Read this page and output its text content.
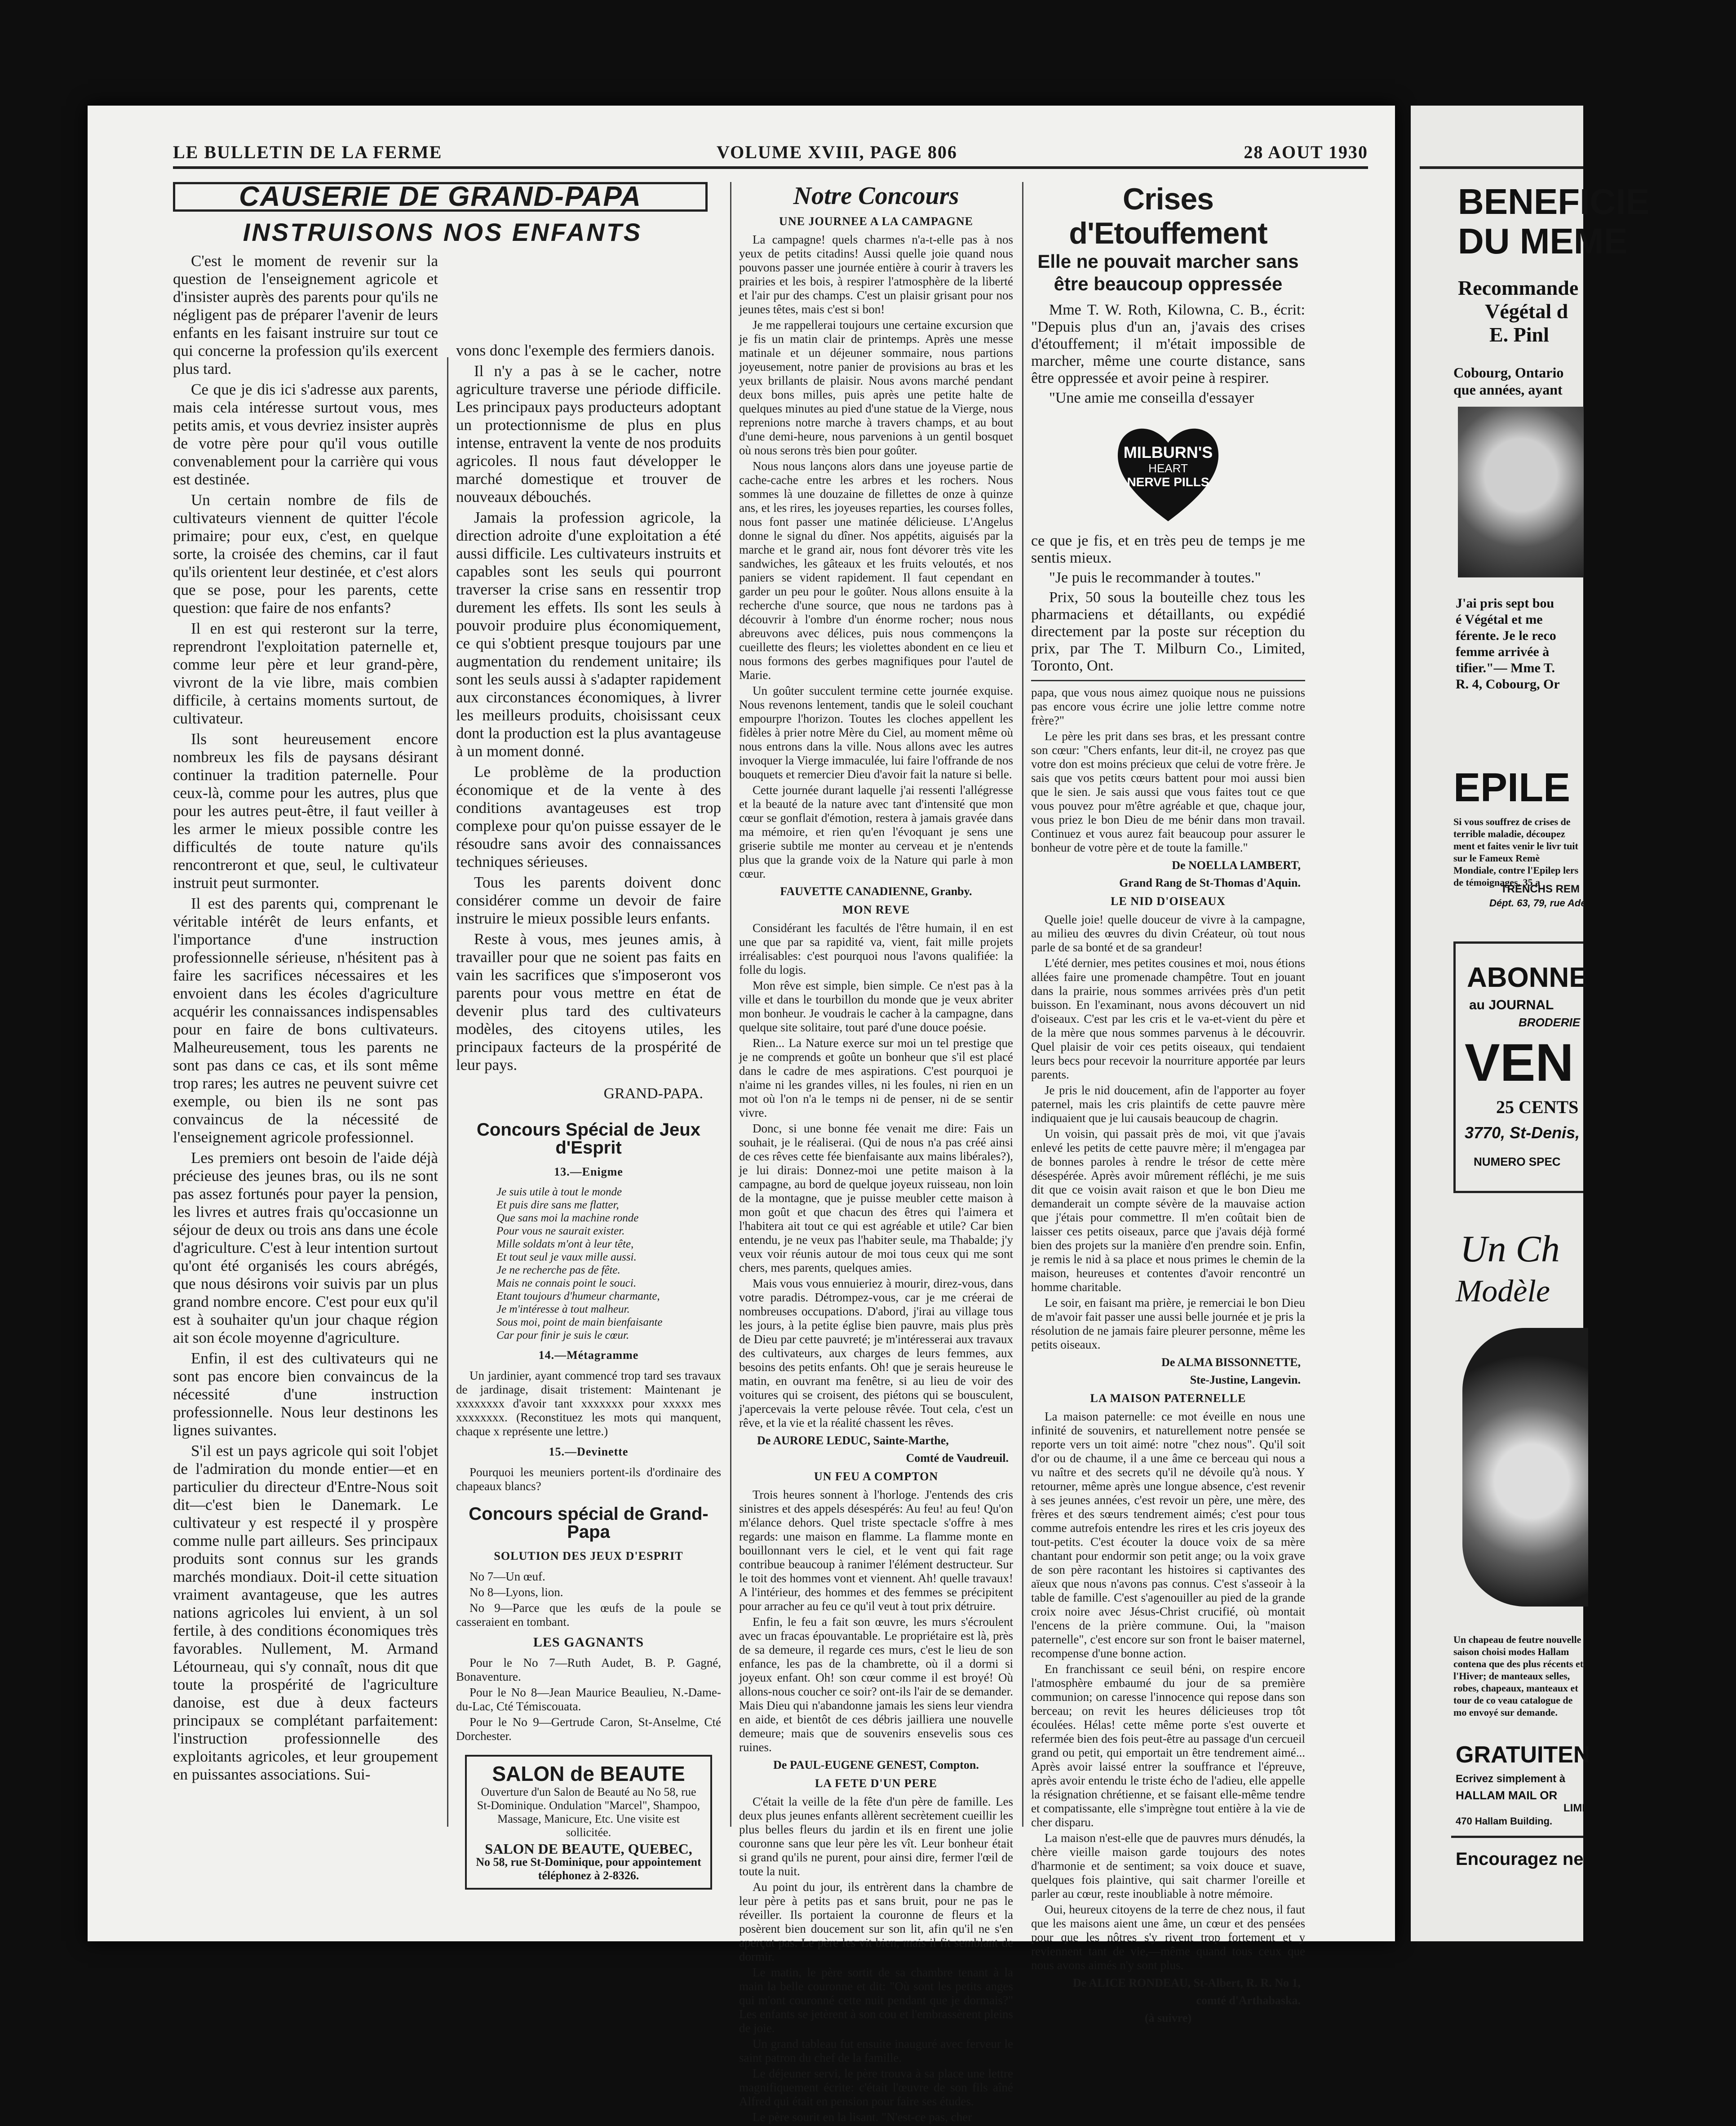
LE BULLETIN DE LA FERME	VOLUME XVIII, PAGE 806	28 AOUT 1930
CAUSERIE DE GRAND-PAPA
INSTRUISONS NOS ENFANTS

C'est le moment de revenir sur la question de l'enseignement agricole et d'insister auprès des parents pour qu'ils ne négligent pas de préparer l'avenir de leurs enfants en les faisant instruire sur tout ce qui concerne la profession qu'ils exercent plus tard.

Ce que je dis ici s'adresse aux parents, mais cela intéresse surtout vous, mes petits amis, et vous devriez insister auprès de votre père pour qu'il vous outille convenablement pour la carrière qui vous est destinée.

Un certain nombre de fils de cultivateurs viennent de quitter l'école primaire; pour eux, c'est, en quelque sorte, la croisée des chemins, car il faut qu'ils orientent leur destinée, et c'est alors que se pose, pour les parents, cette question: que faire de nos enfants?

Il en est qui resteront sur la terre, reprendront l'exploitation paternelle et, comme leur père et leur grand-père, vivront de la vie libre, mais combien difficile, à certains moments surtout, de cultivateur.

Ils sont heureusement encore nombreux les fils de paysans désirant continuer la tradition paternelle. Pour ceux-là, comme pour les autres, plus que pour les autres peut-être, il faut veiller à les armer le mieux possible contre les difficultés de toute nature qu'ils rencontreront et que, seul, le cultivateur instruit peut surmonter.

Il est des parents qui, comprenant le véritable intérêt de leurs enfants, et l'importance d'une instruction professionnelle sérieuse, n'hésitent pas à faire les sacrifices nécessaires et les envoient dans les écoles d'agriculture acquérir les connaissances indispensables pour en faire de bons cultivateurs. Malheureusement, tous les parents ne sont pas dans ce cas, et ils sont même trop rares; les autres ne peuvent suivre cet exemple, ou bien ils ne sont pas convaincus de la nécessité de l'enseignement agricole professionnel.

Les premiers ont besoin de l'aide déjà précieuse des jeunes bras, ou ils ne sont pas assez fortunés pour payer la pension, les livres et autres frais qu'occasionne un séjour de deux ou trois ans dans une école d'agriculture. C'est à leur intention surtout qu'ont été organisés les cours abrégés, que nous désirons voir suivis par un plus grand nombre encore. C'est pour eux qu'il est à souhaiter qu'un jour chaque région ait son école moyenne d'agriculture.

Enfin, il est des cultivateurs qui ne sont pas encore bien convaincus de la nécessité d'une instruction professionnelle. Nous leur destinons les lignes suivantes.

S'il est un pays agricole qui soit l'objet de l'admiration du monde entier—et en particulier du directeur d'Entre-Nous soit dit—c'est bien le Danemark. Le cultivateur y est respecté il y prospère comme nulle part ailleurs. Ses principaux produits sont connus sur les grands marchés mondiaux. Doit-il cette situation vraiment avantageuse, que les autres nations agricoles lui envient, à un sol fertile, à des conditions économiques très favorables. Nullement, M. Armand Létourneau, qui s'y connaît, nous dit que toute la prospérité de l'agriculture danoise, est due à deux facteurs principaux se complétant parfaitement: l'instruction professionnelle des exploitants agricoles, et leur groupement en puissantes associations. Sui-

vons donc l'exemple des fermiers danois.

Il n'y a pas à se le cacher, notre agriculture traverse une période difficile. Les principaux pays producteurs adoptant un protectionnisme de plus en plus intense, entravent la vente de nos produits agricoles. Il nous faut développer le marché domestique et trouver de nouveaux débouchés.

Jamais la profession agricole, la direction adroite d'une exploitation a été aussi difficile. Les cultivateurs instruits et capables sont les seuls qui pourront traverser la crise sans en ressentir trop durement les effets. Ils sont les seuls à pouvoir produire plus économiquement, ce qui s'obtient presque toujours par une augmentation du rendement unitaire; ils sont les seuls aussi à s'adapter rapidement aux circonstances économiques, à livrer les meilleurs produits, choisissant ceux dont la production est la plus avantageuse à un moment donné.

Le problème de la production économique et de la vente à des conditions avantageuses est trop complexe pour qu'on puisse essayer de le résoudre sans avoir des connaissances techniques sérieuses.

Tous les parents doivent donc considérer comme un devoir de faire instruire le mieux possible leurs enfants.

Reste à vous, mes jeunes amis, à travailler pour que ne soient pas faits en vain les sacrifices que s'imposeront vos parents pour vous mettre en état de devenir plus tard des cultivateurs modèles, des citoyens utiles, les principaux facteurs de la prospérité de leur pays.

GRAND-PAPA.
Concours Spécial de Jeux d'Esprit
13.—Enigme
Je suis utile à tout le monde
Et puis dire sans me flatter,
Que sans moi la machine ronde
Pour vous ne saurait exister.
Mille soldats m'ont à leur tête,
Et tout seul je vaux mille aussi.
Je ne recherche pas de fête.
Mais ne connais point le souci.
Etant toujours d'humeur charmante,
Je m'intéresse à tout malheur.
Sous moi, point de main bienfaisante
Car pour finir je suis le cœur.
14.—Métagramme

Un jardinier, ayant commencé trop tard ses travaux de jardinage, disait tristement: Maintenant je xxxxxxxx d'avoir tant xxxxxxx pour xxxxx mes xxxxxxxx. (Reconstituez les mots qui manquent, chaque x représente une lettre.)

15.—Devinette

Pourquoi les meuniers portent-ils d'ordinaire des chapeaux blancs?

Concours spécial de Grand-Papa
SOLUTION DES JEUX D'ESPRIT

No 7—Un œuf.

No 8—Lyons, lion.

No 9—Parce que les œufs de la poule se casseraient en tombant.

LES GAGNANTS

Pour le No 7—Ruth Audet, B. P. Gagné, Bonaventure.

Pour le No 8—Jean Maurice Beaulieu, N.-Dame-du-Lac, Cté Témiscouata.

Pour le No 9—Gertrude Caron, St-Anselme, Cté Dorchester.

SALON de BEAUTE
Ouverture d'un Salon de Beauté au No 58, rue St-Dominique. Ondulation "Marcel", Shampoo, Massage, Manicure, Etc. Une visite est sollicitée.
SALON DE BEAUTE, QUEBEC,
No 58, rue St-Dominique, pour appointement téléphonez à 2-8326.
Notre Concours
UNE JOURNEE A LA CAMPAGNE

La campagne! quels charmes n'a-t-elle pas à nos yeux de petits citadins! Aussi quelle joie quand nous pouvons passer une journée entière à courir à travers les prairies et les bois, à respirer l'atmosphère de la liberté et l'air pur des champs. C'est un plaisir grisant pour nos jeunes têtes, mais c'est si bon!

Je me rappellerai toujours une certaine excursion que je fis un matin clair de printemps. Après une messe matinale et un déjeuner sommaire, nous partions joyeusement, notre panier de provisions au bras et les yeux brillants de plaisir. Nous avons marché pendant deux bons milles, puis après une petite halte de quelques minutes au pied d'une statue de la Vierge, nous reprenions notre marche à travers champs, et au bout d'une demi-heure, nous parvenions à un gentil bosquet où nous serons très bien pour goûter.

Nous nous lançons alors dans une joyeuse partie de cache-cache entre les arbres et les rochers. Nous sommes là une douzaine de fillettes de onze à quinze ans, et les rires, les joyeuses reparties, les courses folles, nous font passer une matinée délicieuse. L'Angelus donne le signal du dîner. Nos appétits, aiguisés par la marche et le grand air, nous font dévorer très vite les sandwiches, les gâteaux et les fruits veloutés, et nos paniers se vident rapidement. Il faut cependant en garder un peu pour le goûter. Nous allons ensuite à la recherche d'une source, que nous ne tardons pas à découvrir à l'ombre d'un énorme rocher; nous nous abreuvons avec délices, puis nous commençons la cueillette des fleurs; les violettes abondent en ce lieu et nous formons des gerbes magnifiques pour l'autel de Marie.

Un goûter succulent termine cette journée exquise. Nous revenons lentement, tandis que le soleil couchant empourpre l'horizon. Toutes les cloches appellent les fidèles à prier notre Mère du Ciel, au moment même où nous entrons dans la ville. Nous allons avec les autres invoquer la Vierge immaculée, lui faire l'offrande de nos bouquets et remercier Dieu d'avoir fait la nature si belle.

Cette journée durant laquelle j'ai ressenti l'allégresse et la beauté de la nature avec tant d'intensité que mon cœur se gonflait d'émotion, restera à jamais gravée dans ma mémoire, et rien qu'en l'évoquant je sens une griserie subtile me monter au cerveau et je n'entends plus que la grande voix de la Nature qui parle à mon cœur.

FAUVETTE CANADIENNE, Granby.
MON REVE

Considérant les facultés de l'être humain, il en est une que par sa rapidité va, vient, fait mille projets irréalisables: c'est pourquoi nous l'avons qualifiée: la folle du logis.

Mon rêve est simple, bien simple. Ce n'est pas à la ville et dans le tourbillon du monde que je veux abriter mon bonheur. Je voudrais le cacher à la campagne, dans quelque site solitaire, tout paré d'une douce poésie.

Rien... La Nature exerce sur moi un tel prestige que je ne comprends et goûte un bonheur que s'il est placé dans le cadre de mes aspirations. C'est pourquoi je n'aime ni les grandes villes, ni les foules, ni rien en un mot où l'on n'a le temps ni de penser, ni de se sentir vivre.

Donc, si une bonne fée venait me dire: Fais un souhait, je le réaliserai. (Qui de nous n'a pas créé ainsi de ces rêves cette fée bienfaisante aux mains libérales?), je lui dirais: Donnez-moi une petite maison à la campagne, au bord de quelque joyeux ruisseau, non loin de la montagne, que je puisse meubler cette maison à mon goût et que chacun des êtres qui l'aimera et l'habitera ait tout ce qui est agréable et utile? Car bien entendu, je ne veux pas l'habiter seule, ma Thabalde; j'y veux voir réunis autour de moi tous ceux qui me sont chers, mes parents, quelques amies.

Mais vous vous ennuieriez à mourir, direz-vous, dans votre paradis. Détrompez-vous, car je me créerai de nombreuses occupations. D'abord, j'irai au village tous les jours, à la petite église bien pauvre, mais plus près de Dieu par cette pauvreté; je m'intéresserai aux travaux des cultivateurs, aux charges de leurs femmes, aux besoins des petits enfants. Oh! que je serais heureuse le matin, en ouvrant ma fenêtre, si au lieu de voir des voitures qui se croisent, des piétons qui se bousculent, j'apercevais la verte pelouse rêvée. Tout cela, c'est un rêve, et la vie et la réalité chassent les rêves.

De AURORE LEDUC, Sainte-Marthe,
Comté de Vaudreuil.
UN FEU A COMPTON

Trois heures sonnent à l'horloge. J'entends des cris sinistres et des appels désespérés: Au feu! au feu! Qu'on m'élance dehors. Quel triste spectacle s'offre à mes regards: une maison en flamme. La flamme monte en bouillonnant vers le ciel, et le vent qui fait rage contribue beaucoup à ranimer l'élément destructeur. Sur le toit des hommes vont et viennent. Ah! quelle travaux! A l'intérieur, des hommes et des femmes se précipitent pour arracher au feu ce qu'il veut à tout prix détruire.

Enfin, le feu a fait son œuvre, les murs s'écroulent avec un fracas épouvantable. Le propriétaire est là, près de sa demeure, il regarde ces murs, c'est le lieu de son enfance, les pas de la chambrette, où il a dormi si joyeux enfant. Oh! son cœur comme il est broyé! Où allons-nous coucher ce soir? ont-ils l'air de se demander. Mais Dieu qui n'abandonne jamais les siens leur viendra en aide, et bientôt de ces débris jailliera une nouvelle demeure; mais que de souvenirs ensevelis sous ces ruines.

De PAUL-EUGENE GENEST, Compton.
LA FETE D'UN PERE

C'était la veille de la fête d'un père de famille. Les deux plus jeunes enfants allèrent secrètement cueillir les plus belles fleurs du jardin et ils en firent une jolie couronne sans que leur père les vît. Leur bonheur était si grand qu'ils ne purent, pour ainsi dire, fermer l'œil de toute la nuit.

Au point du jour, ils entrèrent dans la chambre de leur père à petits pas et sans bruit, pour ne pas le réveiller. Ils portaient la couronne de fleurs et la posèrent bien doucement sur son lit, afin qu'il ne s'en aperçut pas. Le père les vit bien, mais il fit semblant de dormir.

Le matin, le père sortit de sa chambre tenant à la main la belle couronne et dit: "Où sont les petits anges qui m'ont couronné cette nuit pendant que je dormais?" Les enfants se jetèrent à son cou et l'embrassèrent pleins de joie.

Un grand tableau fut ensuite inauguré avec ferveur le saint patron du chef de la famille.

Le déjeuner servi, le père trouva à sa place une lettre magnifiquement écrite: c'était l'œuvre de son fils aîné Alfred qui était en pension pour faire ses études.

Le père sourit en la lisant. "N'est-ce pas, cher

Crises d'Etouffement
Elle ne pouvait marcher sans être beaucoup oppressée

Mme T. W. Roth, Kilowna, C. B., écrit: "Depuis plus d'un an, j'avais des crises d'étouffement; il m'était impossible de marcher, même une courte distance, sans être oppressée et avoir peine à respirer.

"Une amie me conseilla d'essayer

MILBURN'S
HEART
NERVE PILLS

ce que je fis, et en très peu de temps je me sentis mieux.

"Je puis le recommander à toutes."

Prix, 50 sous la bouteille chez tous les pharmaciens et détaillants, ou expédié directement par la poste sur réception du prix, par The T. Milburn Co., Limited, Toronto, Ont.

papa, que vous nous aimez quoique nous ne puissions pas encore vous écrire une jolie lettre comme notre frère?"

Le père les prit dans ses bras, et les pressant contre son cœur: "Chers enfants, leur dit-il, ne croyez pas que votre don est moins précieux que celui de votre frère. Je sais que vos petits cœurs battent pour moi aussi bien que le sien. Je sais aussi que vous faites tout ce que vous pouvez pour m'être agréable et que, chaque jour, vous priez le bon Dieu de me bénir dans mon travail. Continuez et vous aurez fait beaucoup pour assurer le bonheur de votre père et de toute la famille."

De NOELLA LAMBERT,
Grand Rang de St-Thomas d'Aquin.
LE NID D'OISEAUX

Quelle joie! quelle douceur de vivre à la campagne, au milieu des œuvres du divin Créateur, où tout nous parle de sa bonté et de sa grandeur!

L'été dernier, mes petites cousines et moi, nous étions allées faire une promenade champêtre. Tout en jouant dans la prairie, nous sommes arrivées près d'un petit buisson. En l'examinant, nous avons découvert un nid d'oiseaux. C'est par les cris et le va-et-vient du père et de la mère que nous sommes parvenus à le découvrir. Quel plaisir de voir ces petits oiseaux, qui tendaient leurs becs pour recevoir la nourriture apportée par leurs parents.

Je pris le nid doucement, afin de l'apporter au foyer paternel, mais les cris plaintifs de cette pauvre mère indiquaient que je lui causais beaucoup de chagrin.

Un voisin, qui passait près de moi, vit que j'avais enlevé les petits de cette pauvre mère; il m'engagea par de bonnes paroles à rendre le trésor de cette mère désespérée. Après avoir mûrement réfléchi, je me suis dit que ce voisin avait raison et que le bon Dieu me demanderait un compte sévère de la mauvaise action que j'étais pour commettre. Il m'en coûtait bien de laisser ces petits oiseaux, parce que j'avais déjà formé bien des projets sur la manière d'en prendre soin. Enfin, je remis le nid à sa place et nous primes le chemin de la maison, heureuses et contentes d'avoir rencontré un homme charitable.

Le soir, en faisant ma prière, je remerciai le bon Dieu de m'avoir fait passer une aussi belle journée et je pris la résolution de ne jamais faire pleurer personne, même les petits oiseaux.

De ALMA BISSONNETTE,
Ste-Justine, Langevin.
LA MAISON PATERNELLE

La maison paternelle: ce mot éveille en nous une infinité de souvenirs, et naturellement notre pensée se reporte vers un toit aimé: notre "chez nous". Qu'il soit d'or ou de chaume, il a une âme ce berceau qui nous a vu naître et des secrets qu'il ne dévoile qu'à nous. Y retourner, même après une longue absence, c'est revenir à ses jeunes années, c'est revoir un père, une mère, des frères et des sœurs tendrement aimés; c'est pour tous comme autrefois entendre les rires et les cris joyeux des tout-petits. C'est écouter la douce voix de sa mère chantant pour endormir son petit ange; ou la voix grave de son père racontant les histoires si captivantes des aïeux que nous n'avons pas connus. C'est s'asseoir à la table de famille. C'est s'agenouiller au pied de la grande croix noire avec Jésus-Christ crucifié, où montait l'encens de la prière commune. Oui, la "maison paternelle", c'est encore sur son front le baiser maternel, recompense d'une bonne action.

En franchissant ce seuil béni, on respire encore l'atmosphère embaumé du jour de sa première communion; on caresse l'innocence qui repose dans son berceau; on revit les heures délicieuses trop tôt écoulées. Hélas! cette même porte s'est ouverte et refermée bien des fois peut-être au passage d'un cercueil grand ou petit, qui emportait un être tendrement aimé... Après avoir laissé entrer la souffrance et l'épreuve, après avoir entendu le triste écho de l'adieu, elle appelle la résignation chrétienne, et se faisant elle-même tendre et compatissante, elle s'imprègne tout entière à la vie de cher disparu.

La maison n'est-elle que de pauvres murs dénudés, la chère vieille maison garde toujours des notes d'harmonie et de sentiment; sa voix douce et suave, quelques fois plaintive, qui sait charmer l'oreille et parler au cœur, reste inoubliable à notre mémoire.

Oui, heureux citoyens de la terre de chez nous, il faut que les maisons aient une âme, un cœur et des pensées pour que les nôtres s'y rivent trop fortement et y reviennent tant de vie,—même quand tous ceux que nous avons aimés n'y sont plus.

De ALICE RONDEAU, St-Albert, R. R. No 1,
comté d'Arthabaska.
(à suivre)
BENEFICIE
DU MEME
Recommande
Végétal d
E. Pinl
Cobourg, Ontario
que années, ayant
J'ai pris sept bou
é Végétal et me
férente. Je le reco
femme arrivée à
tifier."— Mme T.
R. 4, Cobourg, Or
EPILE
Si vous souffrez de crises de terrible maladie, découpez ment et faites venir le livr tuit sur le Fameux Remè Mondiale, contre l'Epilep lers de témoignages, 35 a
TRENCHS REM
Dépt. 63, 79, rue Ade
ABONNE
au JOURNAL
BRODERIE
VEN
25 CENTS
3770, St-Denis,
NUMERO SPEC
Un Ch
Modèle
Un chapeau de feutre nouvelle saison choisi modes Hallam contena que des plus récents et l'Hiver; de manteaux selles, robes, chapeaux, manteaux et tour de co veau catalogue de mo envoyé sur demande.
GRATUITEN
Ecrivez simplement à
HALLAM MAIL OR
LIMI
470 Hallam Building.
Encouragez ne
